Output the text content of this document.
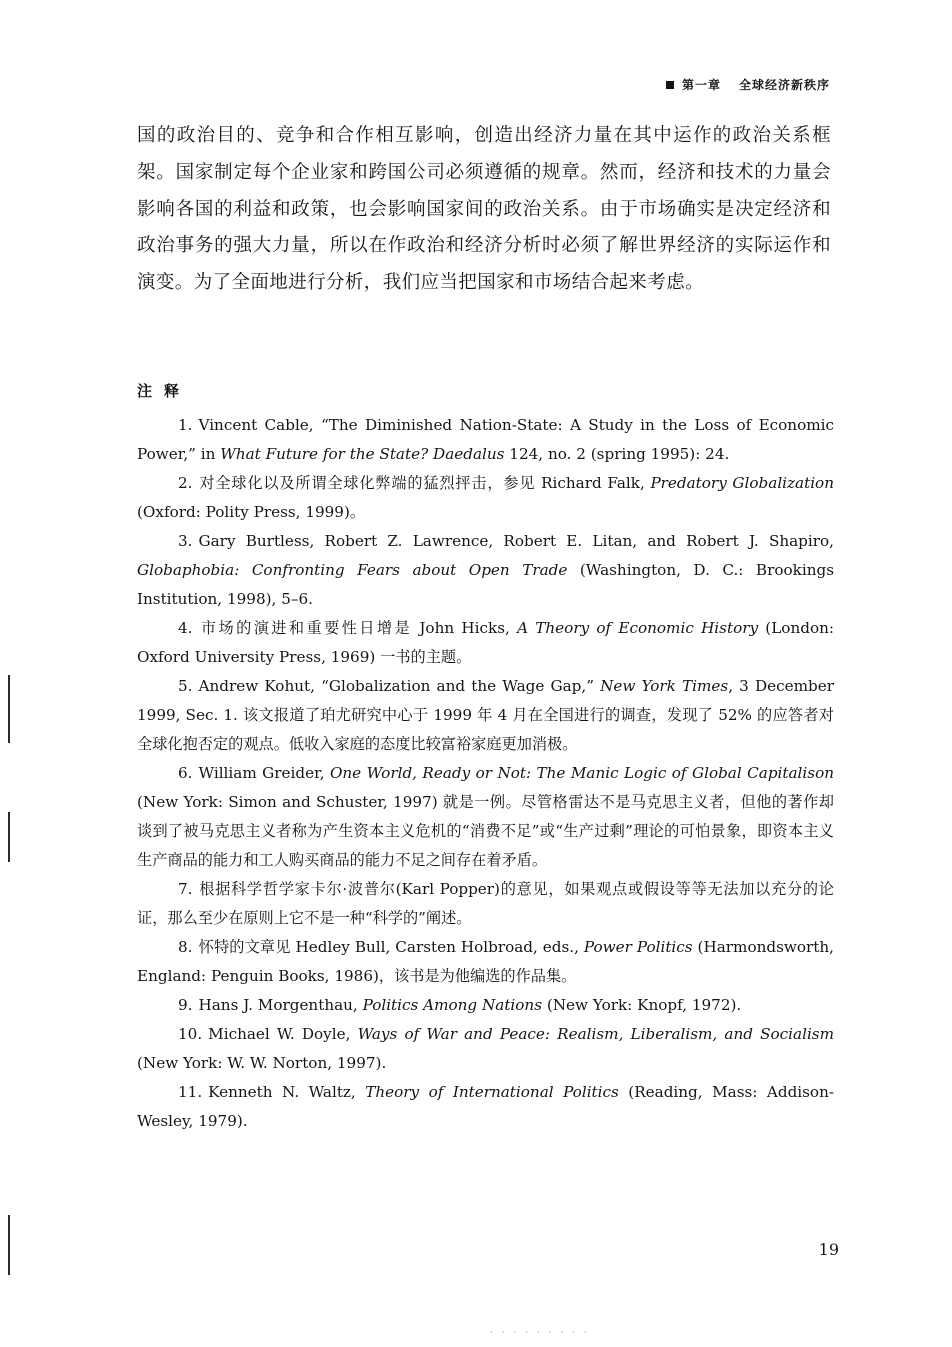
第一章 全球经济新秩序

国的政治目的、竞争和合作相互影响，创造出经济力量在其中运作的政治关系框架。国家制定每个企业家和跨国公司必须遵循的规章。然而，经济和技术的力量会影响各国的利益和政策，也会影响国家间的政治关系。由于市场确实是决定经济和政治事务的强大力量，所以在作政治和经济分析时必须了解世界经济的实际运作和演变。为了全面地进行分析，我们应当把国家和市场结合起来考虑。

注释
1. Vincent Cable, “The Diminished Nation-State: A Study in the Loss of Economic Power,” in What Future for the State? Daedalus 124, no. 2 (spring 1995): 24.
2. 对全球化以及所谓全球化弊端的猛烈抨击，参见 Richard Falk, Predatory Globalization (Oxford: Polity Press, 1999)。
3. Gary Burtless, Robert Z. Lawrence, Robert E. Litan, and Robert J. Shapiro, Globaphobia: Confronting Fears about Open Trade (Washington, D. C.: Brookings Institution, 1998), 5–6.
4. 市场的演进和重要性日增是 John Hicks, A Theory of Economic History (London: Oxford University Press, 1969) 一书的主题。
5. Andrew Kohut, “Globalization and the Wage Gap,” New York Times, 3 December 1999, Sec. 1. 该文报道了珀尤研究中心于 1999 年 4 月在全国进行的调查，发现了 52% 的应答者对全球化抱否定的观点。低收入家庭的态度比较富裕家庭更加消极。
6. William Greider, One World, Ready or Not: The Manic Logic of Global Capitalison (New York: Simon and Schuster, 1997) 就是一例。尽管格雷达不是马克思主义者，但他的著作却谈到了被马克思主义者称为产生资本主义危机的“消费不足”或“生产过剩”理论的可怕景象，即资本主义生产商品的能力和工人购买商品的能力不足之间存在着矛盾。
7. 根据科学哲学家卡尔·波普尔(Karl Popper)的意见，如果观点或假设等等无法加以充分的论证，那么至少在原则上它不是一种“科学的”阐述。
8. 怀特的文章见 Hedley Bull, Carsten Holbroad, eds., Power Politics (Harmondsworth, England: Penguin Books, 1986)，该书是为他编选的作品集。
9. Hans J. Morgenthau, Politics Among Nations (New York: Knopf, 1972).
10. Michael W. Doyle, Ways of War and Peace: Realism, Liberalism, and Socialism (New York: W. W. Norton, 1997).
11. Kenneth N. Waltz, Theory of International Politics (Reading, Mass: Addison-Wesley, 1979).
19
· · · · · · · · ·
